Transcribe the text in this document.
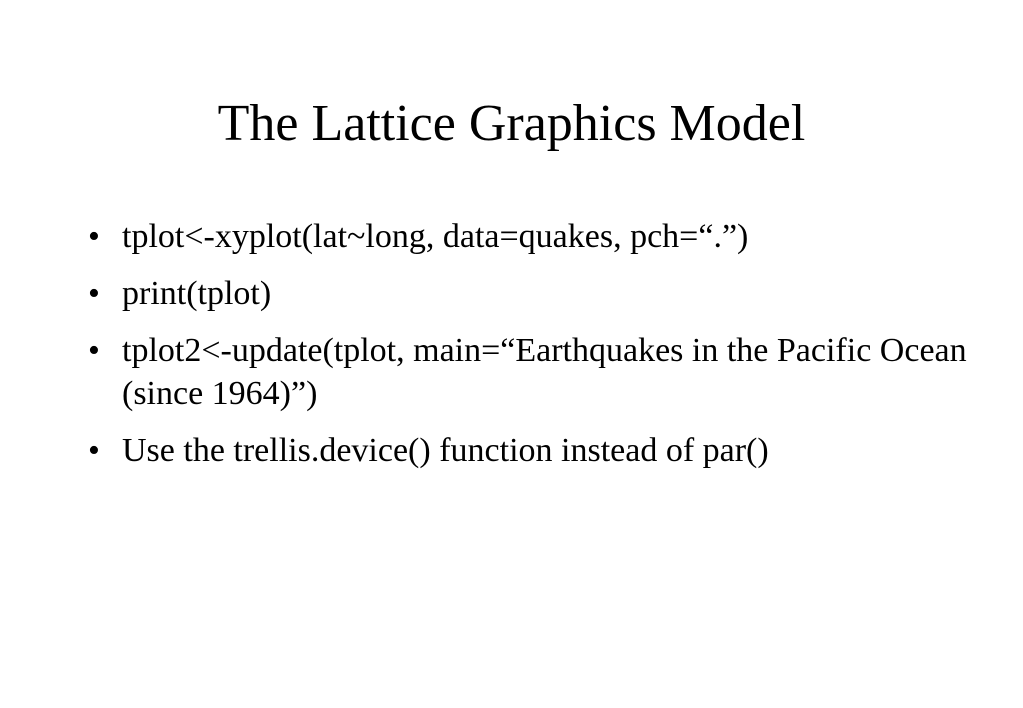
The Lattice Graphics Model
• tplot<-xyplot(lat~long, data=quakes, pch=“.”)
• print(tplot)
• tplot2<-update(tplot, main=“Earthquakes in the Pacific Ocean (since 1964)”)
• Use the trellis.device() function instead of par()
